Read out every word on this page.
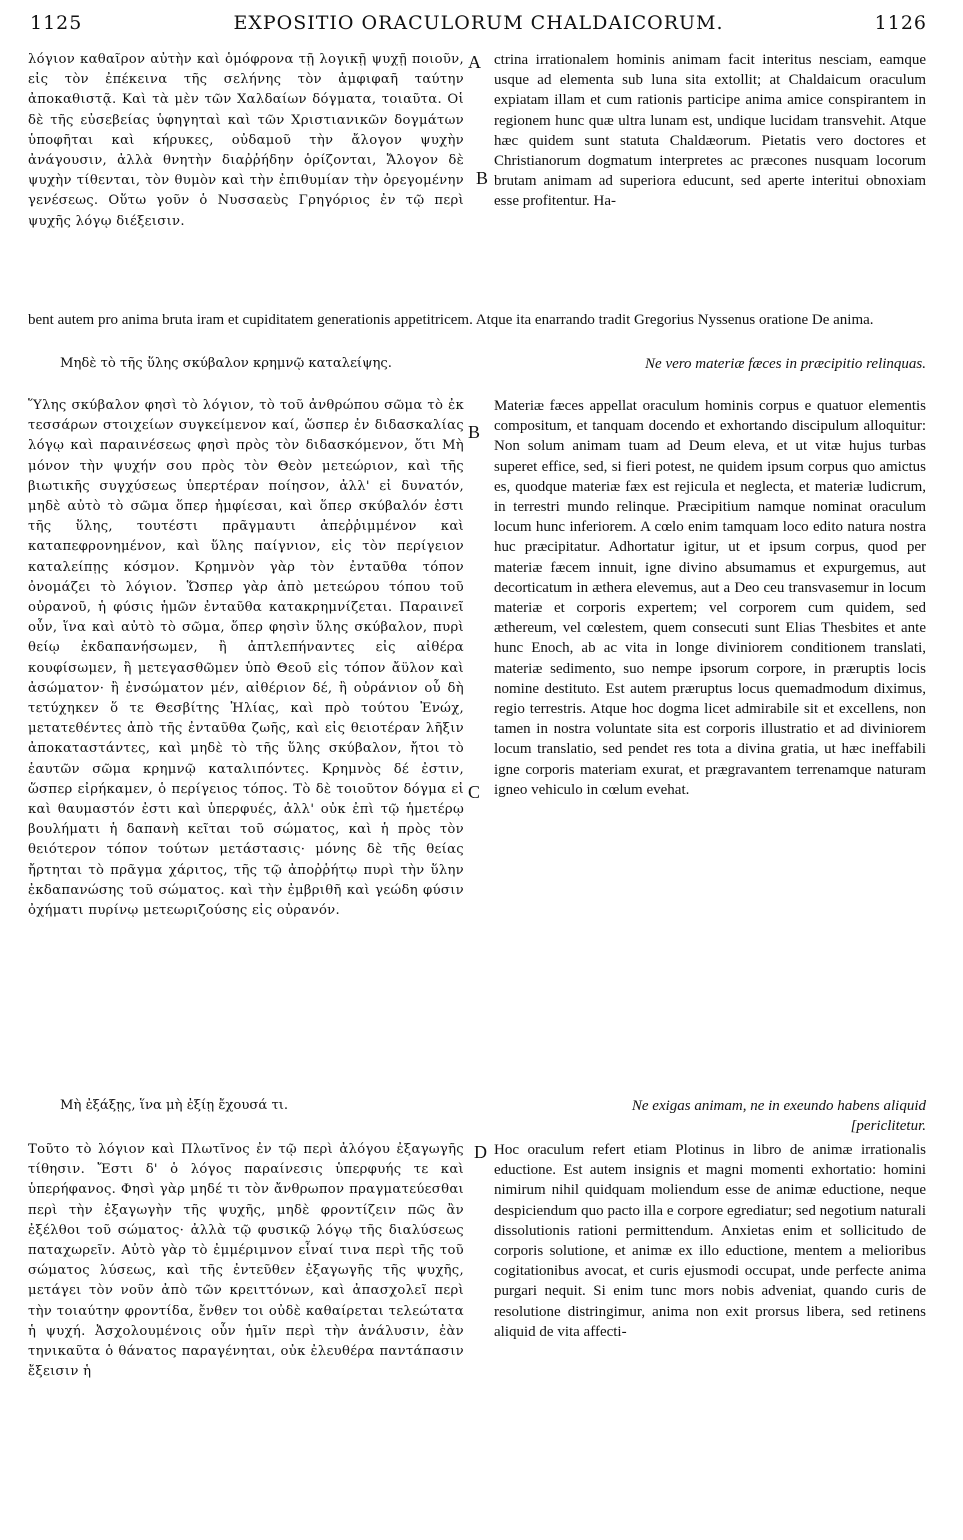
1125	EXPOSITIO ORACULORUM CHALDAICORUM.	1126
λόγιον καθαῖρον αὐτὴν καὶ ὁμόφρονα τῇ λογικῇ ψυχῇ ποιοῦν, εἰς τὸν ἐπέκεινα τῆς σελήνης τὸν ἀμφιφαῆ ταύτην ἀποκαθιστᾷ. Καὶ τὰ μὲν τῶν Χαλδαίων δόγματα, τοιαῦτα. Οἱ δὲ τῆς εὐσεβείας ὑφηγηταὶ καὶ τῶν Χριστιανικῶν δογμάτων ὑποφῆται καὶ κήρυκες, οὐδαμοῦ τὴν ἄλογον ψυχὴν ἀνάγουσιν, ἀλλὰ θνητὴν διαῤῥήδην ὁρίζονται, Ἄλογον δὲ ψυχὴν τίθενται, τὸν θυμὸν καὶ τὴν ἐπιθυμίαν τὴν ὀρεγομένην γενέσεως. Οὕτω γοῦν ὁ Νυσσαεὺς Γρηγόριος ἐν τῷ περὶ ψυχῆς λόγῳ διέξεισιν.
A ctrina irrationalem hominis animam facit interitus nesciam, eamque usque ad elementa sub luna sita extollit; at Chaldaicum oraculum expiatam illam et cum rationis participe anima amice conspirantem in regionem hunc quæ ultra lunam est, undique lucidam transvehit. Atque hæc quidem sunt statuta Chaldæorum. Pietatis vero doctores et Christianorum dogmatum interpretes ac præcones nusquam locorum brutam animam ad superiora educunt, sed aperte interitui obnoxiam esse profitentur. Ha-
B
bent autem pro anima bruta iram et cupiditatem generationis appetitricem. Atque ita enarrando tradit Gregorius Nyssenus oratione De anima.
Μηδὲ τὸ τῆς ὕλης σκύβαλον κρημνῷ καταλείψης.	Ne vero materiæ fæces in præcipitio relinquas.
Ὕλης σκύβαλον φησὶ τὸ λόγιον, τὸ τοῦ ἀνθρώπου σῶμα τὸ ἐκ τεσσάρων στοιχείων συγκείμενον καί, ὥσπερ ἐν διδασκαλίας λόγῳ καὶ παραινέσεως φησὶ πρὸς τὸν διδασκόμενον, ὅτι Μὴ μόνον τὴν ψυχήν σου πρὸς τὸν Θεὸν μετεώριον, καὶ τῆς βιωτικῆς συγχύσεως ὑπερτέραν ποίησον, ἀλλ' εἰ δυνατόν, μηδὲ αὐτὸ τὸ σῶμα ὅπερ ἠμφίεσαι, καὶ ὅπερ σκύβαλόν ἐστι τῆς ὕλης, τουτέστι πρᾶγμαυτι ἀπεῤῥιμμένον καὶ καταπεφρονημένον, καὶ ὕλης παίγνιον, εἰς τὸν περίγειον καταλείπῃς κόσμον. Κρημνὸν γὰρ τὸν ἐνταῦθα τόπον ὀνομάζει τὸ λόγιον. Ὥσπερ γὰρ ἀπὸ μετεώρου τόπου τοῦ οὐρανοῦ, ἡ φύσις ἡμῶν ἐνταῦθα κατακρημνίζεται. Παραινεῖ οὖν, ἵνα καὶ αὐτὸ τὸ σῶμα, ὅπερ φησὶν ὕλης σκύβαλον, πυρὶ θείῳ ἐκδαπανήσωμεν, ἢ ἀπτλεπήναντες εἰς αἰθέρα κουφίσωμεν, ἢ μετεγασθῶμεν ὑπὸ Θεοῦ εἰς τόπον ἄϋλον καὶ ἀσώματον· ἢ ἐνσώματον μέν, αἰθέριον δέ, ἢ οὐράνιον οὗ δὴ τετύχηκεν ὅ τε Θεσβίτης Ἠλίας, καὶ πρὸ τούτου Ἐνώχ, μετατεθέντες ἀπὸ τῆς ἐνταῦθα ζωῆς, καὶ εἰς θειοτέραν λῆξιν ἀποκαταστάντες, καὶ μηδὲ τὸ τῆς ὕλης σκύβαλον, ἤτοι τὸ ἑαυτῶν σῶμα κρημνῷ καταλιπόντες. Κρημνὸς δέ ἐστιν, ὥσπερ εἰρήκαμεν, ὁ περίγειος τόπος. Τὸ δὲ τοιοῦτον δόγμα εἰ καὶ θαυμαστόν ἐστι καὶ ὑπερφυές, ἀλλ' οὐκ ἐπὶ τῷ ἡμετέρῳ βουλήματι ἡ δαπανὴ κεῖται τοῦ σώματος, καὶ ἡ πρὸς τὸν θειότερον τόπον τούτων μετάστασις· μόνης δὲ τῆς θείας ἤρτηται τὸ πρᾶγμα χάριτος, τῆς τῷ ἀποῤῥήτῳ πυρὶ τὴν ὕλην ἐκδαπανώσης τοῦ σώματος. καὶ τὴν ἐμβριθῆ καὶ γεώδη φύσιν ὀχήματι πυρίνῳ μετεωριζούσης εἰς οὐρανόν.
B
C
Materiæ fæces appellat oraculum hominis corpus e quatuor elementis compositum, et tanquam docendo et exhortando discipulum alloquitur: Non solum animam tuam ad Deum eleva, et ut vitæ hujus turbas superet effice, sed, si fieri potest, ne quidem ipsum corpus quo amictus es, quodque materiæ fæx est rejicula et neglecta, et materiæ ludicrum, in terrestri mundo relinque. Præcipitium namque nominat oraculum locum hunc inferiorem. A cœlo enim tamquam loco edito natura nostra huc præcipitatur. Adhortatur igitur, ut et ipsum corpus, quod per materiæ fæcem innuit, igne divino absumamus et expurgemus, aut decorticatum in æthera elevemus, aut a Deo ceu transvasemur in locum materiæ et corporis expertem; vel corporem cum quidem, sed æthereum, vel cœlestem, quem consecuti sunt Elias Thesbites et ante hunc Enoch, ab ac vita in longe diviniorem conditionem translati, materiæ sedimento, suo nempe ipsorum corpore, in præruptis locis nomine destituto. Est autem præruptus locus quemadmodum diximus, regio terrestris. Atque hoc dogma licet admirabile sit et excellens, non tamen in nostra voluntate sita est corporis illustratio et ad diviniorem locum translatio, sed pendet res tota a divina gratia, ut hæc ineffabili igne corporis materiam exurat, et prægravantem terrenamque naturam igneo vehiculo in cœlum evehat.
Μὴ ἐξάξῃς, ἵνα μὴ ἐξίῃ ἔχουσά τι.	Ne exigas animam, ne in exeundo habens aliquid
[periclitetur.
D
Τοῦτο τὸ λόγιον καὶ Πλωτῖνος ἐν τῷ περὶ ἀλόγου ἐξαγωγῆς τίθησιν. Ἔστι δ' ὁ λόγος παραίνεσις ὑπερφυής τε καὶ ὑπερήφανος. Φησὶ γὰρ μηδέ τι τὸν ἄνθρωπον πραγματεύεσθαι περὶ τὴν ἐξαγωγὴν τῆς ψυχῆς, μηδὲ φροντίζειν πῶς ἂν ἐξέλθοι τοῦ σώματος· ἀλλὰ τῷ φυσικῷ λόγῳ τῆς διαλύσεως παταχωρεῖν. Αὐτὸ γὰρ τὸ ἐμμέριμνον εἶναί τινα περὶ τῆς τοῦ σώματος λύσεως, καὶ τῆς ἐντεῦθεν ἐξαγωγῆς τῆς ψυχῆς, μετάγει τὸν νοῦν ἀπὸ τῶν κρειττόνων, καὶ ἀπασχολεῖ περὶ τὴν τοιαύτην φροντίδα, ἔνθεν τοι οὐδὲ καθαίρεται τελεώτατα ἡ ψυχή. Ἀσχολουμένοις οὖν ἡμῖν περὶ τὴν ἀνάλυσιν, ἐὰν τηνικαῦτα ὁ θάνατος παραγένηται, οὐκ ἐλευθέρα παντάπασιν ἔξεισιν ἡ
Hoc oraculum refert etiam Plotinus in libro de animæ irrationalis eductione. Est autem insignis et magni momenti exhortatio: homini nimirum nihil quidquam moliendum esse de animæ eductione, neque despiciendum quo pacto illa e corpore egrediatur; sed negotium naturali dissolutionis rationi permittendum. Anxietas enim et sollicitudo de corporis solutione, et animæ ex illo eductione, mentem a melioribus cogitationibus avocat, et curis ejusmodi occupat, unde perfecte anima purgari nequit. Si enim tunc mors nobis adveniat, quando curis de resolutione distringimur, anima non exit prorsus libera, sed retinens aliquid de vita affecti-
